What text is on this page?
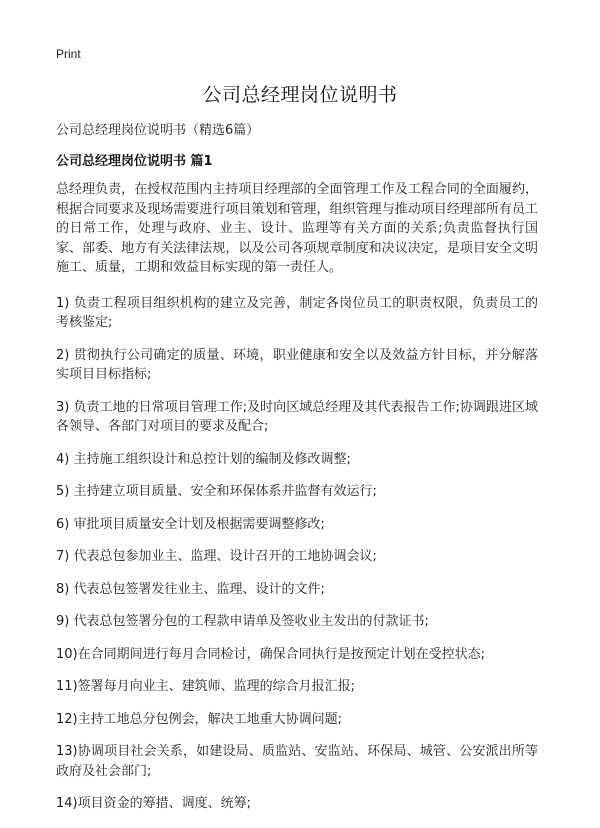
Print
公司总经理岗位说明书

公司总经理岗位说明书（精选6篇）

公司总经理岗位说明书 篇1

总经理负责，在授权范围内主持项目经理部的全面管理工作及工程合同的全面履约，根据合同要求及现场需要进行项目策划和管理，组织管理与推动项目经理部所有员工的日常工作，处理与政府、业主、设计、监理等有关方面的关系;负责监督执行国家、部委、地方有关法律法规，以及公司各项规章制度和决议决定，是项目安全文明施工、质量，工期和效益目标实现的第一责任人。

1) 负责工程项目组织机构的建立及完善，制定各岗位员工的职责权限，负责员工的考核鉴定;

2) 贯彻执行公司确定的质量、环境，职业健康和安全以及效益方针目标，并分解落实项目目标指标;

3) 负责工地的日常项目管理工作;及时向区域总经理及其代表报告工作;协调跟进区域各领导、各部门对项目的要求及配合;

4) 主持施工组织设计和总控计划的编制及修改调整;

5) 主持建立项目质量、安全和环保体系并监督有效运行;

6) 审批项目质量安全计划及根据需要调整修改;

7) 代表总包参加业主、监理、设计召开的工地协调会议;

8) 代表总包签署发往业主、监理、设计的文件;

9) 代表总包签署分包的工程款申请单及签收业主发出的付款证书;

10)在合同期间进行每月合同检讨，确保合同执行是按预定计划在受控状态;

11)签署每月向业主、建筑师、监理的综合月报汇报;

12)主持工地总分包例会，解决工地重大协调问题;

13)协调项目社会关系，如建设局、质监站、安监站、环保局、城管、公安派出所等政府及社会部门;

14)项目资金的筹措、调度、统筹;
